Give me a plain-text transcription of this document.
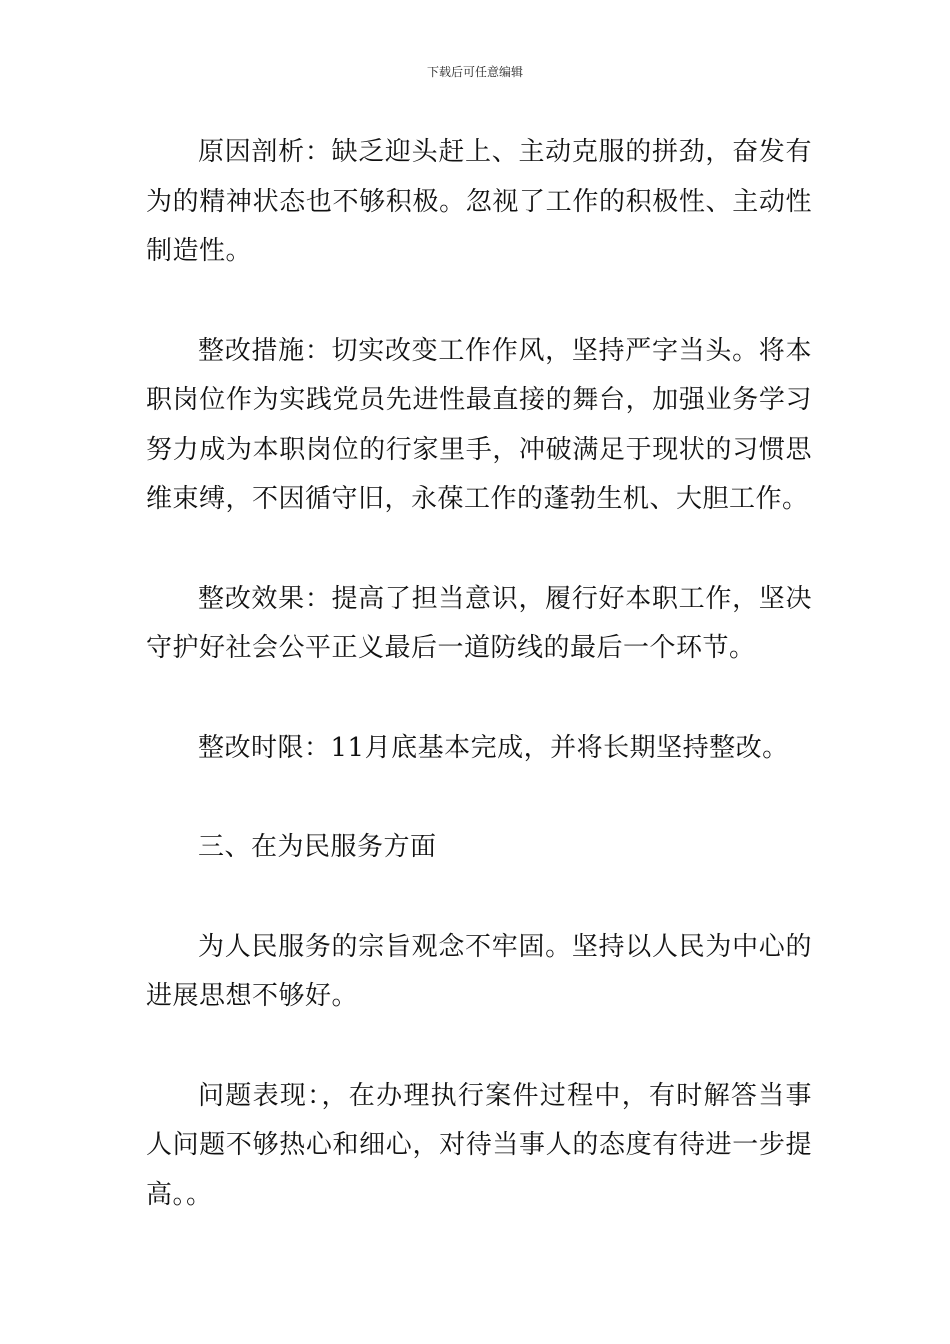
下载后可任意编辑

原因剖析：缺乏迎头赶上、主动克服的拼劲，奋发有为的精神状态也不够积极。忽视了工作的积极性、主动性制造性。

整改措施：切实改变工作作风，坚持严字当头。将本职岗位作为实践党员先进性最直接的舞台，加强业务学习努力成为本职岗位的行家里手，冲破满足于现状的习惯思维束缚，不因循守旧，永葆工作的蓬勃生机、大胆工作。

整改效果：提高了担当意识，履行好本职工作，坚决守护好社会公平正义最后一道防线的最后一个环节。

整改时限：11月底基本完成，并将长期坚持整改。

三、在为民服务方面

为人民服务的宗旨观念不牢固。坚持以人民为中心的进展思想不够好。

问题表现：，在办理执行案件过程中，有时解答当事人问题不够热心和细心，对待当事人的态度有待进一步提高。。
